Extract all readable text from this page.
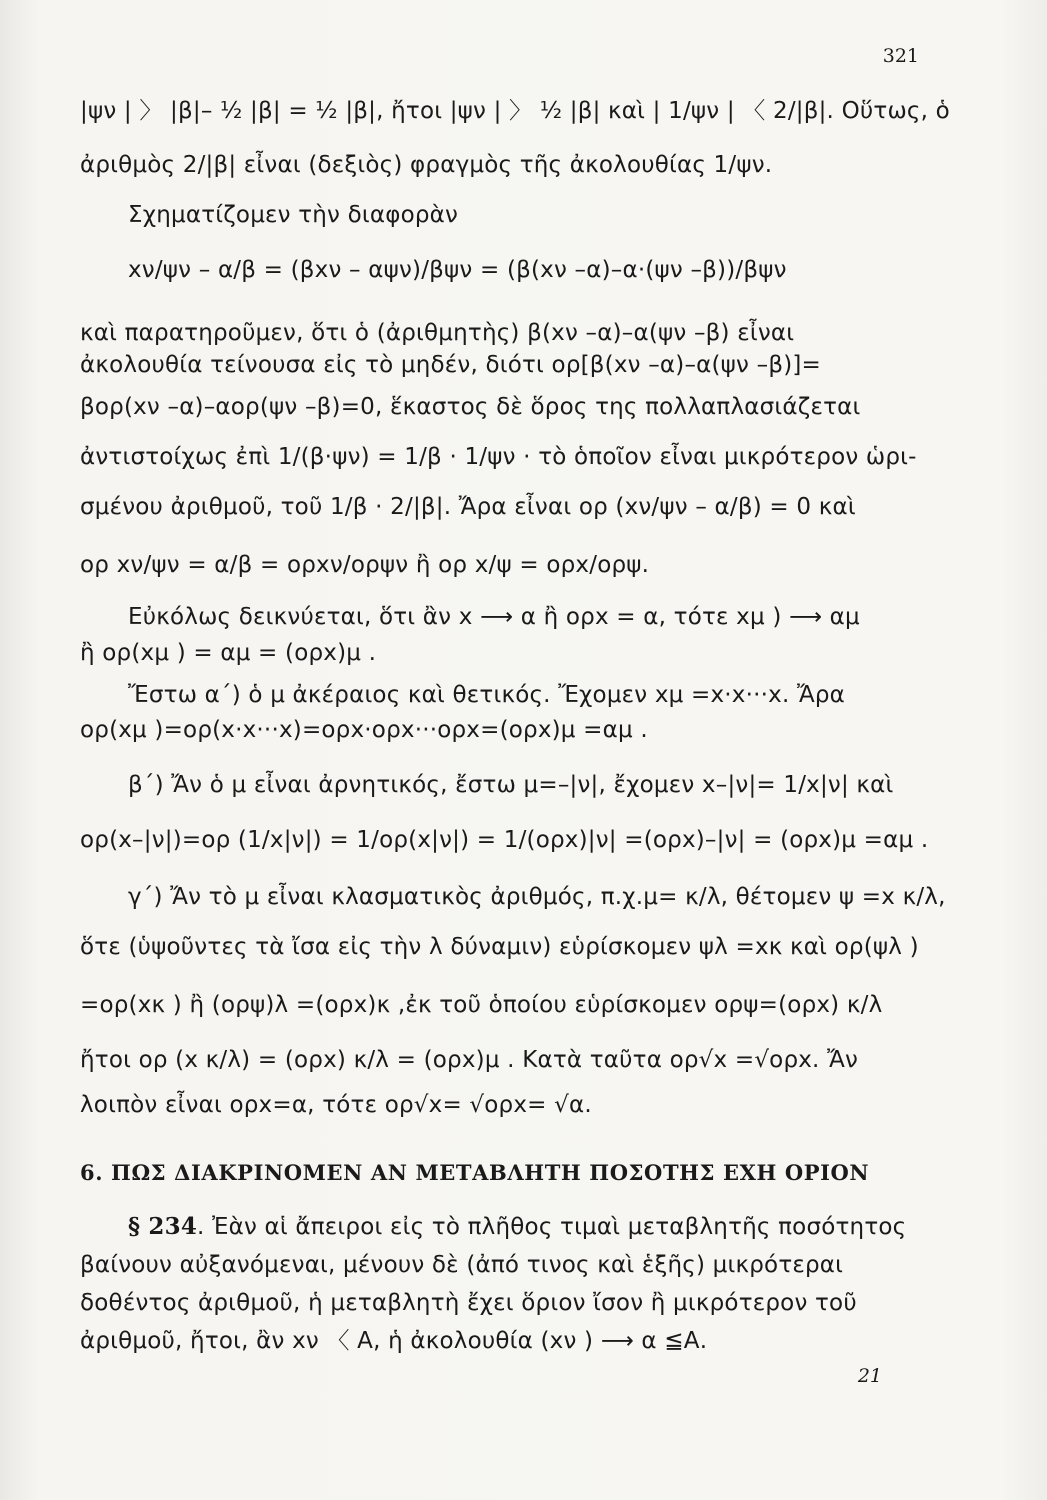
321
|ψν | 〉 |β|– ½ |β| = ½ |β|, ἤτοι |ψν | 〉 ½ |β| καὶ | 1/ψν | 〈 2/|β|. Οὕτως, ὁ
ἀριθμὸς 2/|β| εἶναι (δεξιὸς) φραγμὸς τῆς ἀκολουθίας 1/ψν.
Σχηματίζομεν τὴν διαφορὰν
xν/ψν – α/β = (βxν – αψν)/βψν = (β(xν –α)–α·(ψν –β))/βψν
καὶ παρατηροῦμεν, ὅτι ὁ (ἀριθμητὴς) β(xν –α)–α(ψν –β) εἶναι
ἀκολουθία τείνουσα εἰς τὸ μηδέν, διότι ορ[β(xν –α)–α(ψν –β)]=
βορ(xν –α)–αορ(ψν –β)=0, ἕκαστος δὲ ὅρος της πολλαπλασιάζεται
ἀντιστοίχως ἐπὶ 1/(β·ψν) = 1/β · 1/ψν · τὸ ὁποῖον εἶναι μικρότερον ὡρι-
σμένου ἀριθμοῦ, τοῦ 1/β · 2/|β|. Ἄρα εἶναι ορ (xν/ψν – α/β) = 0 καὶ
ορ xν/ψν = α/β = ορxν/ορψν ἢ ορ x/ψ = ορx/ορψ.
Εὐκόλως δεικνύεται, ὅτι ἂν x ⟶ α ἢ ορx = α, τότε xμ ) ⟶ αμ
ἢ ορ(xμ ) = αμ = (ορx)μ .
Ἔστω α΄) ὁ μ ἀκέραιος καὶ θετικός. Ἔχομεν xμ =x·x···x. Ἄρα
ορ(xμ )=ορ(x·x···x)=ορx·ορx···ορx=(ορx)μ =αμ .
β΄) Ἄν ὁ μ εἶναι ἀρνητικός, ἔστω μ=–|ν|, ἔχομεν x–|ν|= 1/x|ν| καὶ
ορ(x–|ν|)=ορ (1/x|ν|) = 1/ορ(x|ν|) = 1/(ορx)|ν| =(ορx)–|ν| = (ορx)μ =αμ .
γ΄) Ἄν τὸ μ εἶναι κλασματικὸς ἀριθμός, π.χ.μ= κ/λ, θέτομεν ψ =x κ/λ,
ὅτε (ὑψοῦντες τὰ ἴσα εἰς τὴν λ δύναμιν) εὑρίσκομεν ψλ =xκ καὶ ορ(ψλ )
=ορ(xκ ) ἢ (ορψ)λ =(ορx)κ ,ἐκ τοῦ ὁποίου εὑρίσκομεν ορψ=(ορx) κ/λ
ἤτοι ορ (x κ/λ) = (ορx) κ/λ = (ορx)μ . Κατὰ ταῦτα ορ√x =√ορx. Ἄν
λοιπὸν εἶναι ορx=α, τότε ορ√x= √ορx= √α.
6. ΠΩΣ ΔΙΑΚΡΙΝΟΜΕΝ ΑΝ ΜΕΤΑΒΛΗΤΗ ΠΟΣΟΤΗΣ ΕΧΗ ΟΡΙΟΝ
§ 234. Ἐὰν αἱ ἄπειροι εἰς τὸ πλῆθος τιμαὶ μεταβλητῆς ποσότητος
βαίνουν αὐξανόμεναι, μένουν δὲ (ἀπό τινος καὶ ἑξῆς) μικρότεραι
δοθέντος ἀριθμοῦ, ἡ μεταβλητὴ ἔχει ὅριον ἴσον ἢ μικρότερον τοῦ
ἀριθμοῦ, ἤτοι, ἂν xν 〈 Α, ἡ ἀκολουθία (xν ) ⟶ α ≦Α.
21
